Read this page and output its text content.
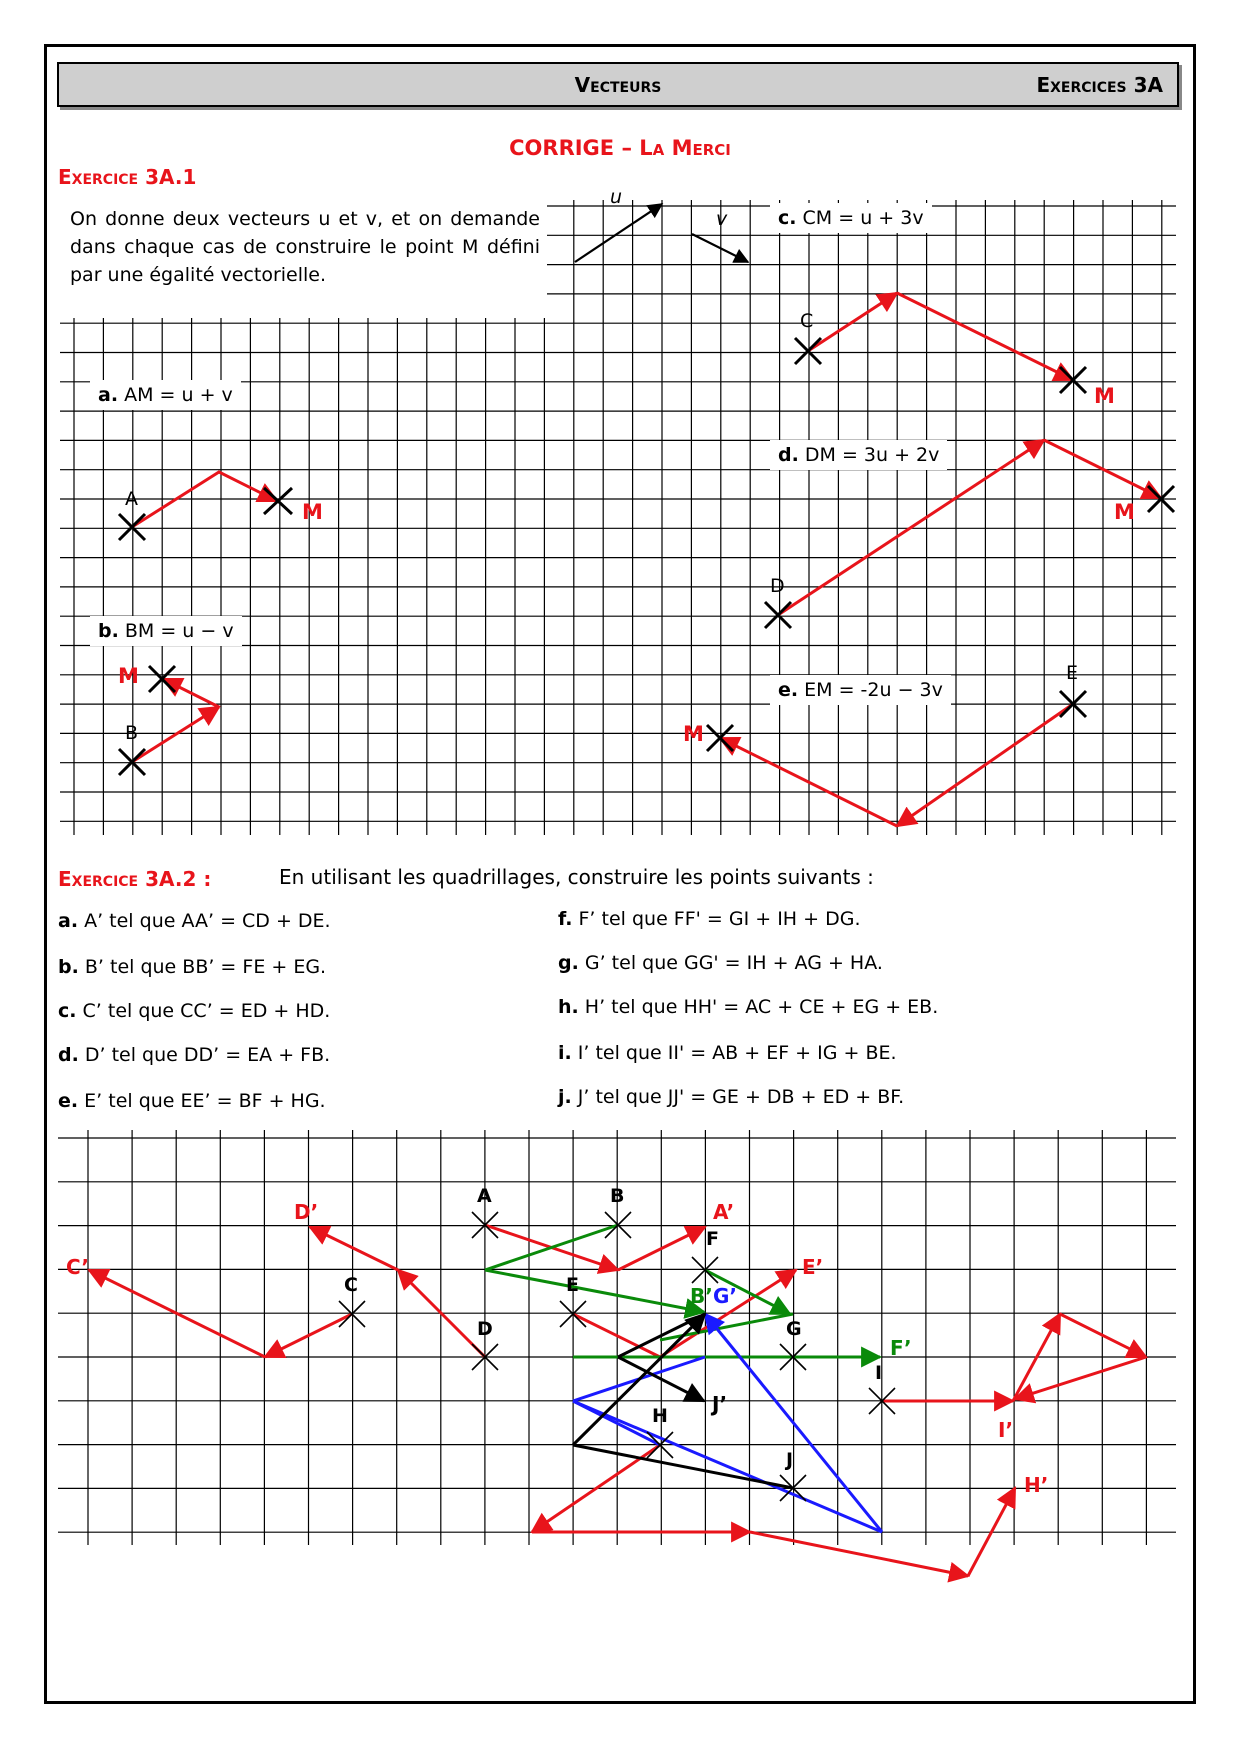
Vecteurs	Exercices 3A
CORRIGE – La Merci
Exercice 3A.1
On donne deux vecteurs u et v, et on demande dans chaque cas de construire le point M défini par une égalité vectorielle.
u
v
a. AM = u + v
b. BM = u − v
c. CM = u + 3v
d. DM = 3u + 2v
e. EM = -2u − 3v
A
M
B
M
C
M
D
M
E
M
Exercice 3A.2 :	En utilisant les quadrillages, construire les points suivants :
a. A’ tel que AA’ = CD + DE.
b. B’ tel que BB’ = FE + EG.
c. C’ tel que CC’ = ED + HD.
d. D’ tel que DD’ = EA + FB.
e. E’ tel que EE’ = BF + HG.
f. F’ tel que FF' = GI + IH + DG.
g. G’ tel que GG' = IH + AG + HA.
h. H’ tel que HH' = AC + CE + EG + EB.
i. I’ tel que II' = AB + EF + IG + BE.
j. J’ tel que JJ' = GE + DB + ED + BF.
A	B
C
D
E
F
G
H
I
J
A’
B’ G’
C’
D’
E’
F’
H’
I’
J’
